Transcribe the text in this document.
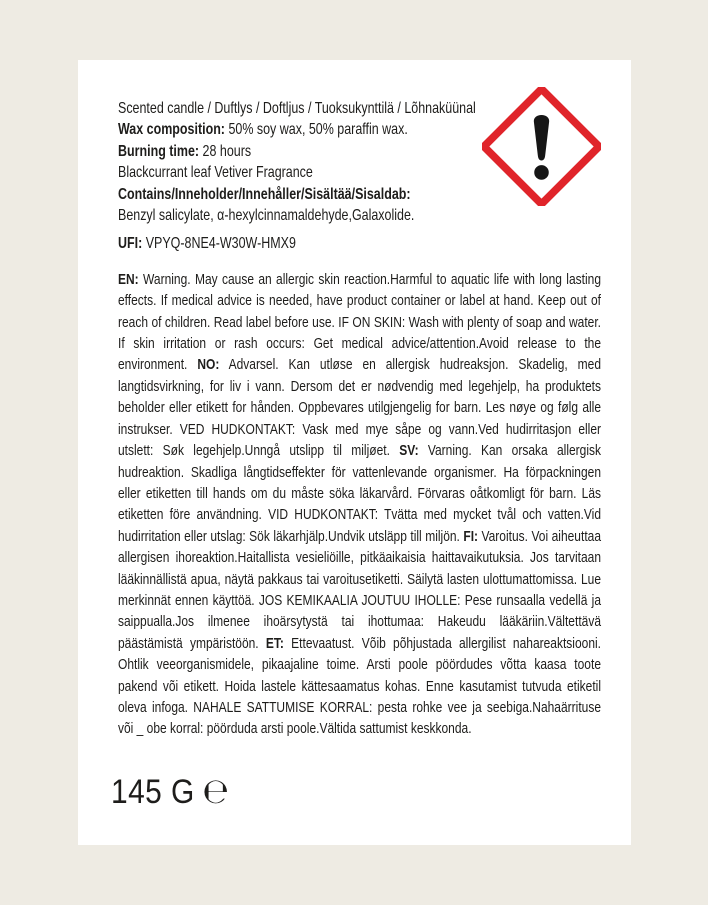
Scented candle / Duftlys / Doftljus / Tuoksukynttilä / Lõhnaküünal
Wax composition: 50% soy wax, 50% paraffin wax.
Burning time: 28 hours
Blackcurrant leaf Vetiver Fragrance
Contains/Inneholder/Innehåller/Sisältää/Sisaldab:
Benzyl salicylate, α-hexylcinnamaldehyde,Galaxolide.
UFI: VPYQ-8NE4-W30W-HMX9

EN: Warning. May cause an allergic skin reaction.Harmful to aquatic life with long lasting effects. If medical advice is needed, have product container or label at hand. Keep out of reach of children. Read label before use. IF ON SKIN: Wash with plenty of soap and water. If skin irritation or rash occurs: Get medical advice/attention.Avoid release to the environment. NO: Advarsel. Kan utløse en allergisk hudreaksjon. Skadelig, med langtidsvirkning, for liv i vann. Dersom det er nødvendig med legehjelp, ha produktets beholder eller etikett for hånden. Oppbevares utilgjengelig for barn. Les nøye og følg alle instrukser. VED HUDKONTAKT: Vask med mye såpe og vann.Ved hudirritasjon eller utslett: Søk legehjelp.Unngå utslipp til miljøet. SV: Varning. Kan orsaka allergisk hudreaktion. Skadliga långtidseffekter för vattenlevande organismer. Ha förpackningen eller etiketten till hands om du måste söka läkarvård. Förvaras oåtkomligt för barn. Läs etiketten före användning. VID HUDKONTAKT: Tvätta med mycket tvål och vatten.Vid hudirritation eller utslag: Sök läkarhjälp.Undvik utsläpp till miljön. FI: Varoitus. Voi aiheuttaa allergisen ihoreaktion.Haitallista vesieliöille, pitkäaikaisia haittavaikutuksia. Jos tarvitaan lääkinnällistä apua, näytä pakkaus tai varoitusetiketti. Säilytä lasten ulottumattomissa. Lue merkinnät ennen käyttöä. JOS KEMIKAALIA JOUTUU IHOLLE: Pese runsaalla vedellä ja saippualla.Jos ilmenee ihoärsytystä tai ihottumaa: Hakeudu lääkäriin.Vältettävä päästämistä ympäristöön. ET: Ettevaatust. Võib põhjustada allergilist nahareaktsiooni. Ohtlik veeorganismidele, pikaajaline toime. Arsti poole pöördudes võtta kaasa toote pakend või etikett. Hoida lastele kättesaamatus kohas. Enne kasutamist tutvuda etiketil oleva infoga. NAHALE SATTUMISE KORRAL: pesta rohke vee ja seebiga.Nahaärrituse või _ obe korral: pöörduda arsti poole.Vältida sattumist keskkonda.

145 G ℮
